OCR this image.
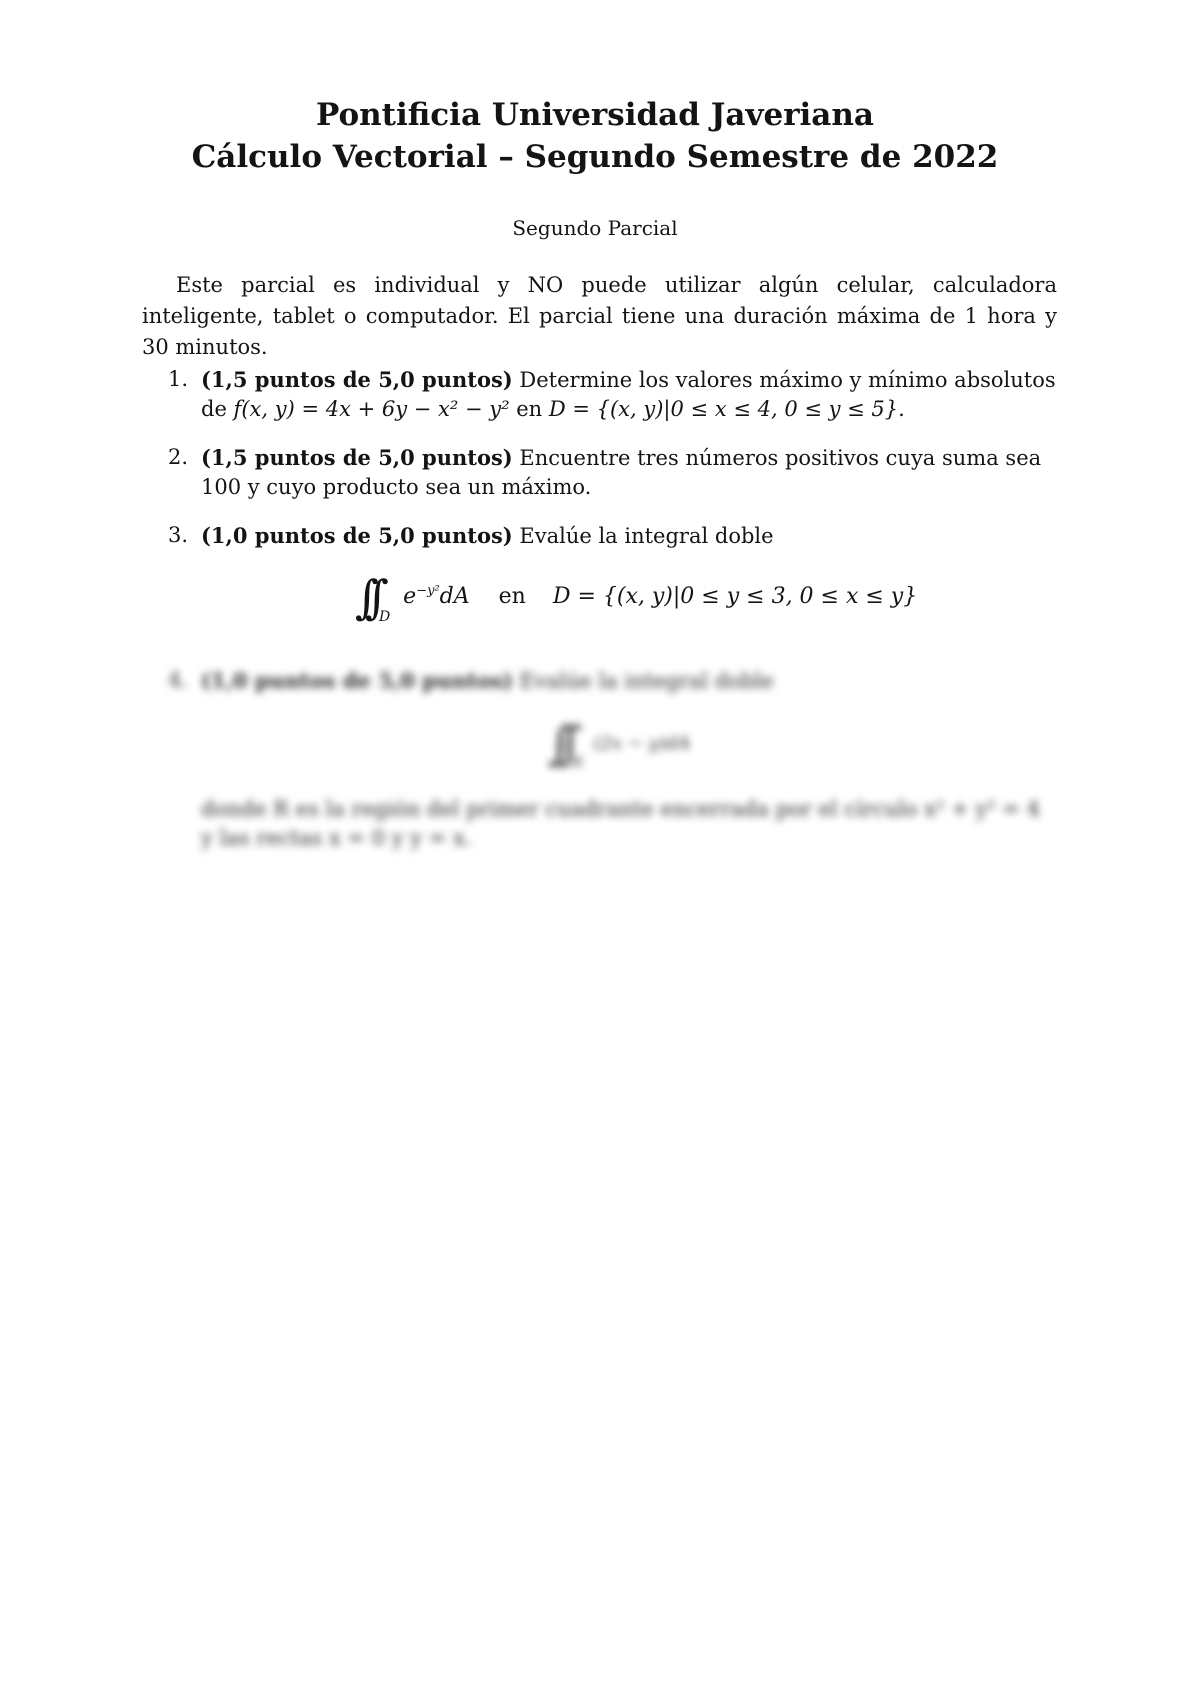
Pontificia Universidad Javeriana
Cálculo Vectorial – Segundo Semestre de 2022
Segundo Parcial

Este parcial es individual y NO puede utilizar algún celular, calculadora inteligente, tablet o computador. El parcial tiene una duración máxima de 1 hora y 30 minutos.

1. (1,5 puntos de 5,0 puntos) Determine los valores máximo y mínimo absolutos de f(x, y) = 4x + 6y − x² − y² en D = {(x, y)|0 ≤ x ≤ 4, 0 ≤ y ≤ 5}.
2. (1,5 puntos de 5,0 puntos) Encuentre tres números positivos cuya suma sea 100 y cuyo producto sea un máximo.
3. (1,0 puntos de 5,0 puntos) Evalúe la integral doble
∫∫ $_D$ $e^{-y^2}dA$ en D = {(x, y)|0 ≤ y ≤ 3, 0 ≤ x ≤ y}
4. (1,0 puntos de 5,0 puntos) Evalúe la integral doble
∫∫ $_R$ (2x − y)dA
donde R es la región del primer cuadrante encerrada por el círculo x² + y² = 4 y las rectas x = 0 y y = x.
